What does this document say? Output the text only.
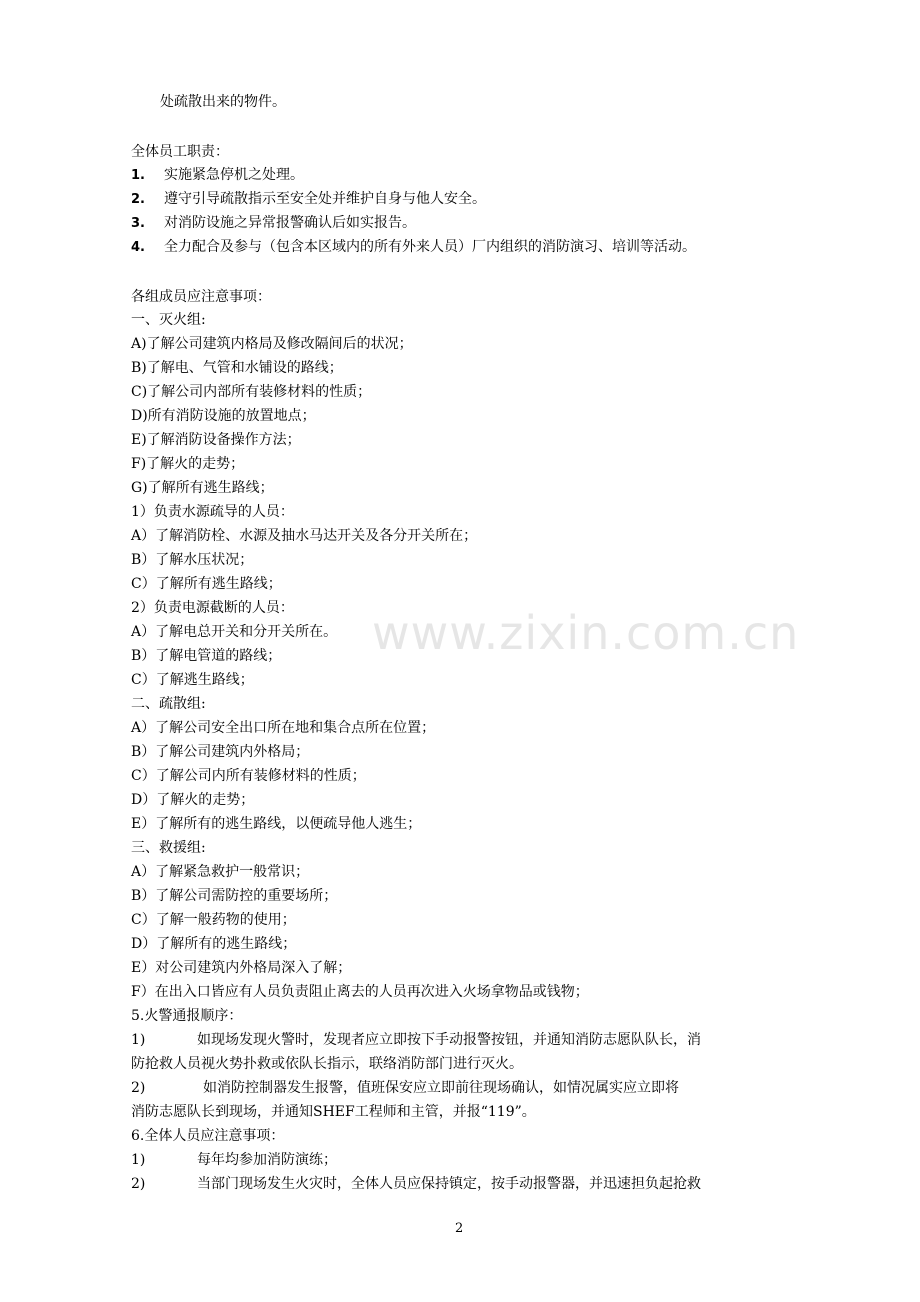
www.zixin.com.cn
处疏散出来的物件。
全体员工职责：
1. 实施紧急停机之处理。
2. 遵守引导疏散指示至安全处并维护自身与他人安全。
3. 对消防设施之异常报警确认后如实报告。
4. 全力配合及参与（包含本区域内的所有外来人员）厂内组织的消防演习、培训等活动。
各组成员应注意事项：
一、灭火组:
A)了解公司建筑内格局及修改隔间后的状况；
B)了解电、气管和水铺设的路线；
C)了解公司内部所有装修材料的性质；
D)所有消防设施的放置地点；
E)了解消防设备操作方法；
F)了解火的走势；
G)了解所有逃生路线；
1）负责水源疏导的人员：
A）了解消防栓、水源及抽水马达开关及各分开关所在；
B）了解水压状况；
C）了解所有逃生路线；
2）负责电源截断的人员：
A）了解电总开关和分开关所在。
B）了解电管道的路线；
C）了解逃生路线；
二、疏散组:
A）了解公司安全出口所在地和集合点所在位置；
B）了解公司建筑内外格局；
C）了解公司内所有装修材料的性质；
D）了解火的走势；
E）了解所有的逃生路线，以便疏导他人逃生；
三、救援组:
A）了解紧急救护一般常识；
B）了解公司需防控的重要场所；
C）了解一般药物的使用；
D）了解所有的逃生路线；
E）对公司建筑内外格局深入了解；
F）在出入口皆应有人员负责阻止离去的人员再次进入火场拿物品或钱物；
5.火警通报顺序：
1)	如现场发现火警时，发现者应立即按下手动报警按钮，并通知消防志愿队队长，消
防抢救人员视火势扑救或依队长指示，联络消防部门进行灭火。
2)	如消防控制器发生报警，值班保安应立即前往现场确认，如情况属实应立即将
消防志愿队长到现场，并通知SHEF工程师和主管，并报“119”。
6.全体人员应注意事项：
1)	每年均参加消防演练；
2)	当部门现场发生火灾时，全体人员应保持镇定，按手动报警器，并迅速担负起抢救
2
